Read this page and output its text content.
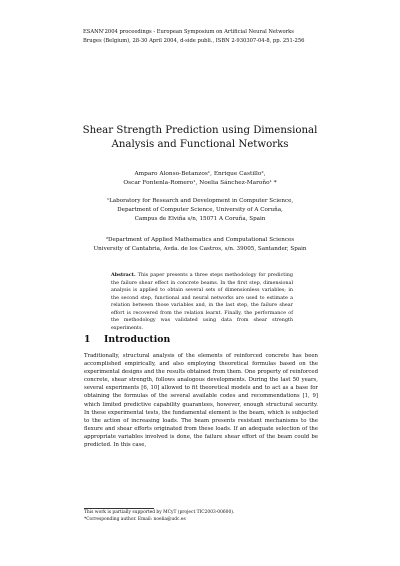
ESANN'2004 proceedings - European Symposium on Artificial Neural Networks
Bruges (Belgium), 28-30 April 2004, d-side publi., ISBN 2-930307-04-8, pp. 251-256
Shear Strength Prediction using Dimensional
Analysis and Functional Networks
Amparo Alonso-Betanzos¹, Enrique Castillo²,
Oscar Fontenla-Romero¹, Noelia Sánchez-Maroño¹ *
¹Laboratory for Research and Development in Computer Science,
Department of Computer Science, University of A Coruña,
Campus de Elviña s/n, 15071 A Coruña, Spain
²Department of Applied Mathematics and Computational Sciences
University of Cantabria, Avda. de los Castros, s/n. 39005, Santander, Spain
Abstract. This paper presents a three steps methodology for predicting the failure shear effect in concrete beams. In the first step, dimensional analysis is applied to obtain several sets of dimensionless variables; in the second step, functional and neural networks are used to estimate a relation between those variables and, in the last step, the failure shear effort is recovered from the relation learnt. Finally, the performance of the methodology was validated using data from shear strength experiments.
1 Introduction
Traditionally, structural analysis of the elements of reinforced concrete has been accomplished empirically, and also employing theoretical formulas based on the experimental designs and the results obtained from them. One property of reinforced concrete, shear strength, follows analogous developments. During the last 50 years, several experiments [6, 10] allowed to fit theoretical models and to act as a base for obtaining the formulas of the several available codes and recommendations [1, 9] which limited predictive capability guarantees, however, enough structural security. In these experimental tests, the fundamental element is the beam, which is subjected to the action of increasing loads. The beam presents resistant mechanisms to the flexure and shear efforts originated from these loads. If an adequate selection of the appropriate variables involved is done, the failure shear effort of the beam could be predicted. In this case,
This work is partially supported by MCyT (project TIC2003-00600).
*Corresponding author. Email: noelia@udc.es
